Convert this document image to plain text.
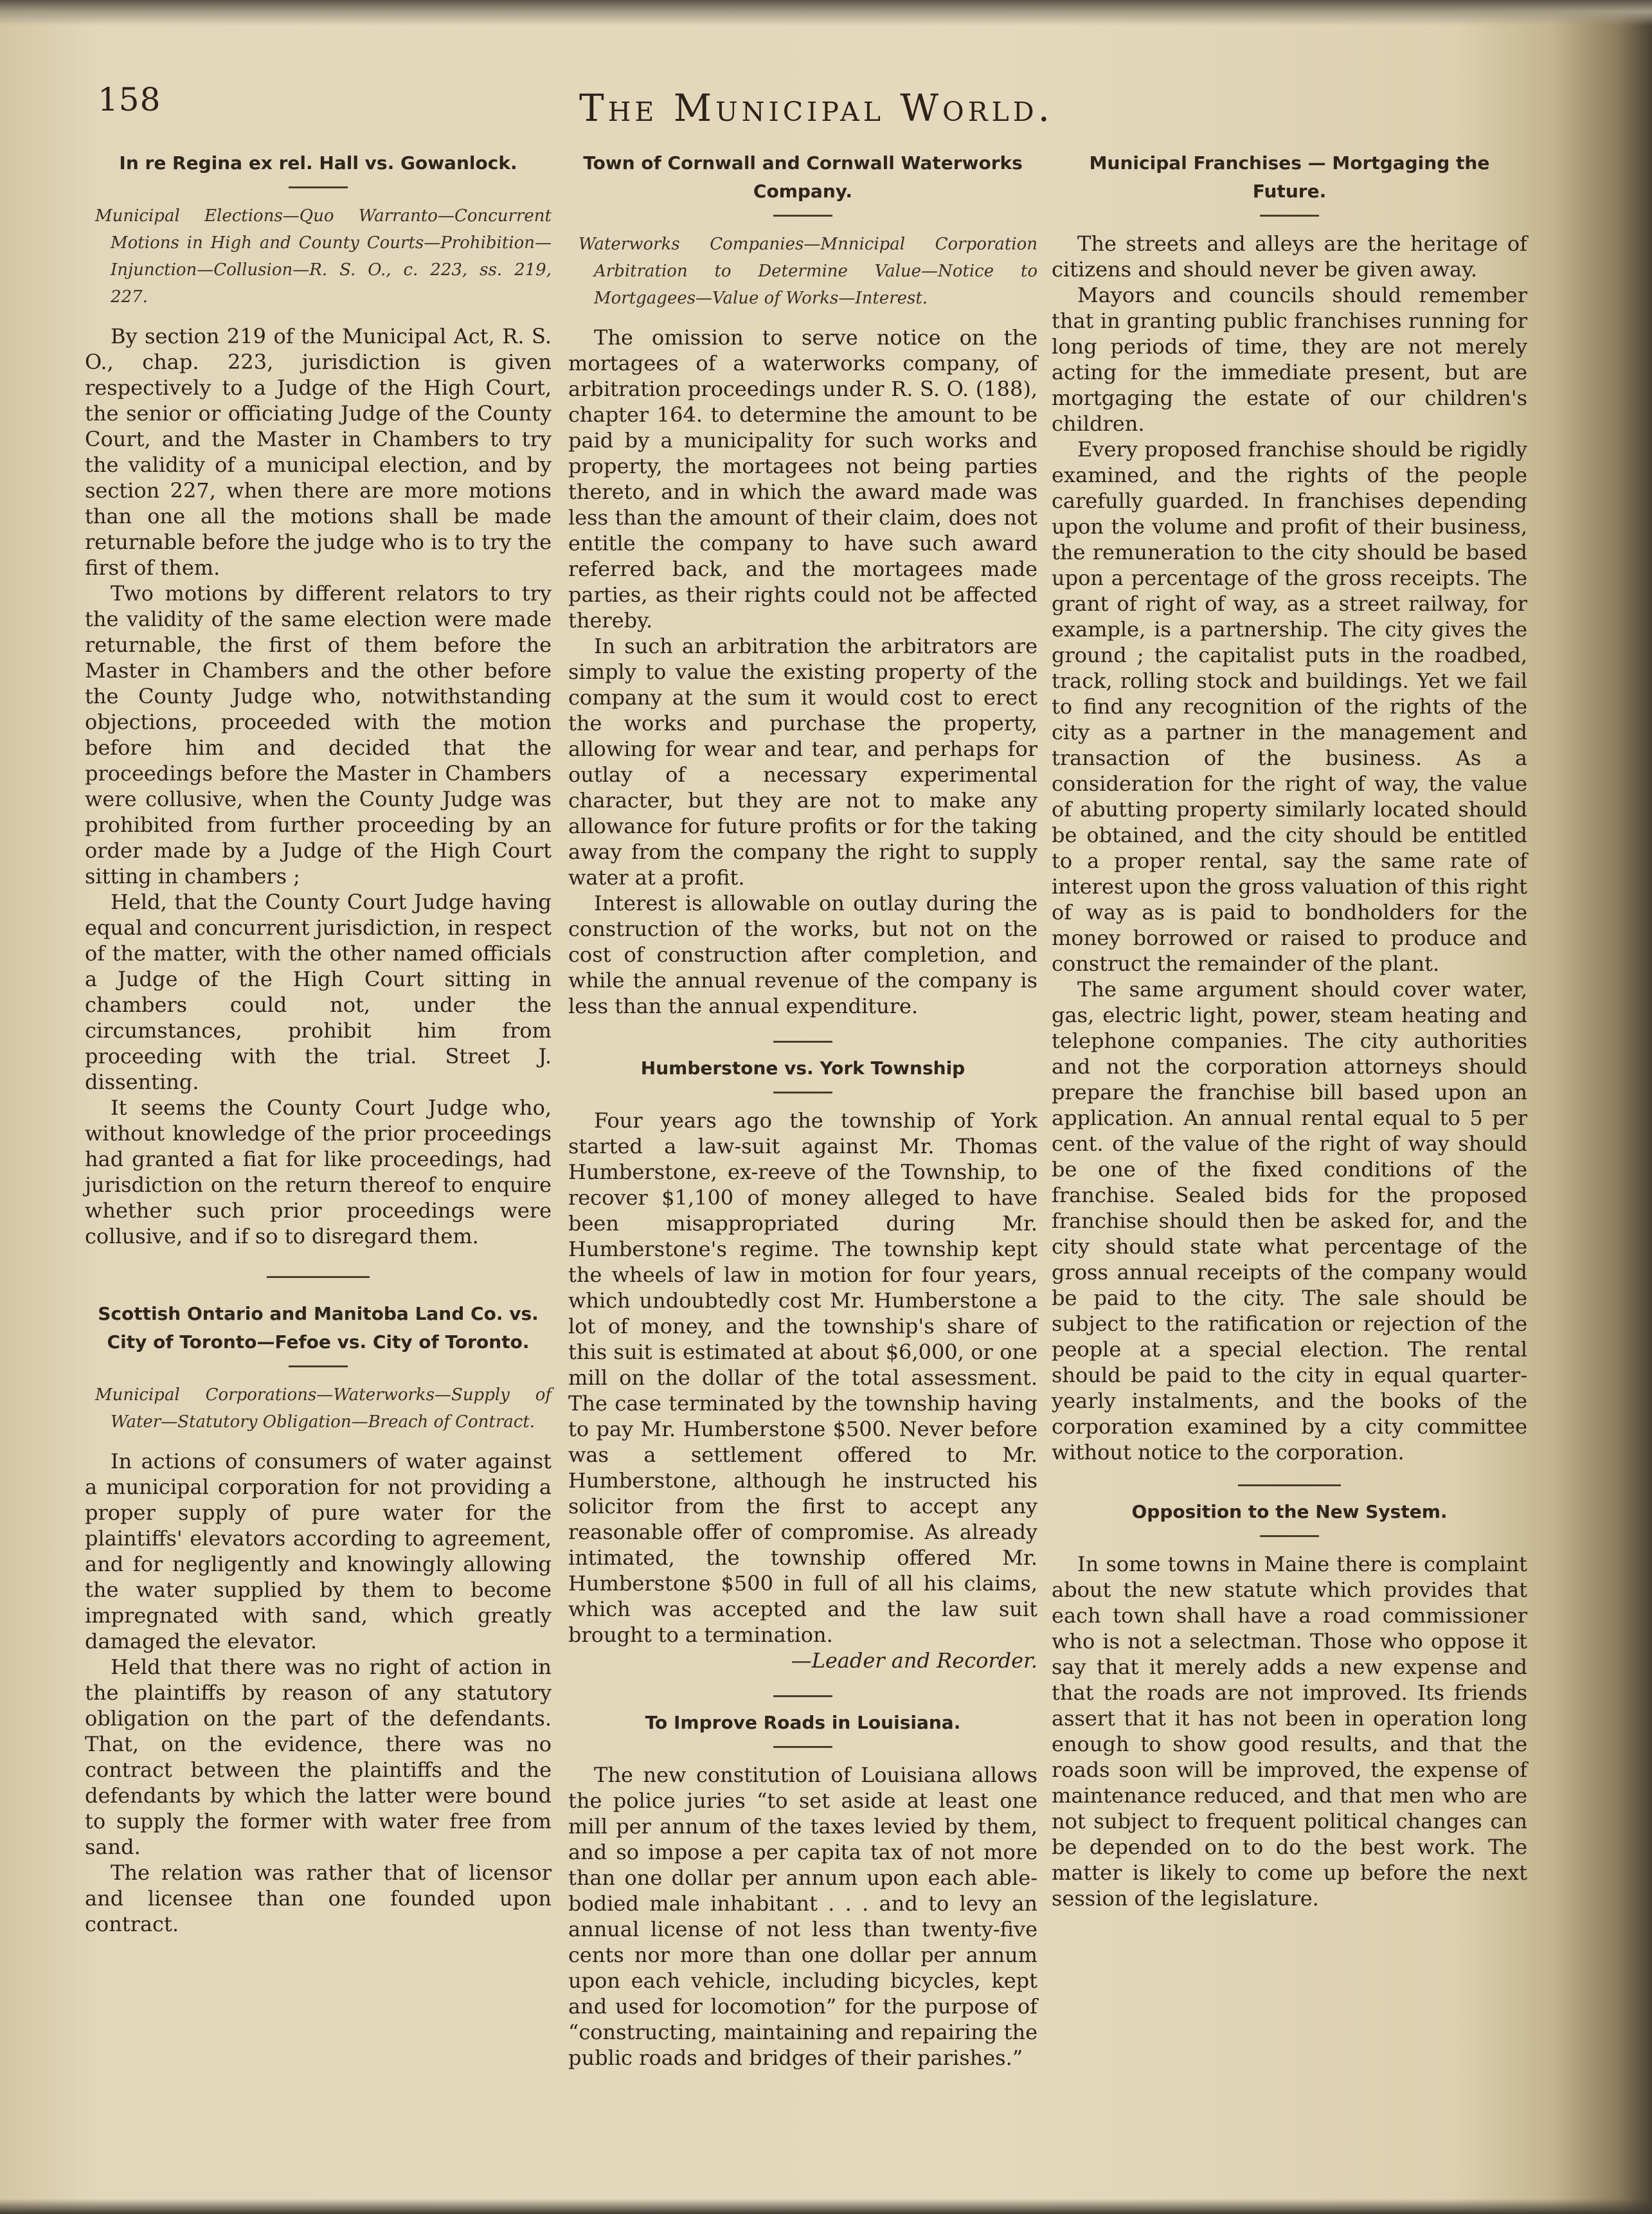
158	The Municipal World.
In re Regina ex rel. Hall vs. Gowanlock.
Municipal Elections—Quo Warranto—Concurrent Motions in High and County Courts—Prohibition—Injunction—Collusion—R. S. O., c. 223, ss. 219, 227.

By section 219 of the Municipal Act, R. S. O., chap. 223, jurisdiction is given respectively to a Judge of the High Court, the senior or officiating Judge of the County Court, and the Master in Chambers to try the validity of a municipal election, and by section 227, when there are more motions than one all the motions shall be made returnable before the judge who is to try the first of them.

Two motions by different relators to try the validity of the same election were made returnable, the first of them before the Master in Chambers and the other before the County Judge who, notwithstanding objections, proceeded with the motion before him and decided that the proceedings before the Master in Chambers were collusive, when the County Judge was prohibited from further proceeding by an order made by a Judge of the High Court sitting in chambers ;

Held, that the County Court Judge having equal and concurrent jurisdiction, in respect of the matter, with the other named officials a Judge of the High Court sitting in chambers could not, under the circumstances, prohibit him from proceeding with the trial. Street J. dissenting.

It seems the County Court Judge who, without knowledge of the prior proceedings had granted a fiat for like proceedings, had jurisdiction on the return thereof to enquire whether such prior proceedings were collusive, and if so to disregard them.

Scottish Ontario and Manitoba Land Co. vs. City of Toronto—Fefoe vs. City of Toronto.
Municipal Corporations—Waterworks—Supply of Water—Statutory Obligation—Breach of Contract.

In actions of consumers of water against a municipal corporation for not providing a proper supply of pure water for the plaintiffs' elevators according to agreement, and for negligently and knowingly allowing the water supplied by them to become impregnated with sand, which greatly damaged the elevator.

Held that there was no right of action in the plaintiffs by reason of any statutory obligation on the part of the defendants. That, on the evidence, there was no contract between the plaintiffs and the defendants by which the latter were bound to supply the former with water free from sand.

The relation was rather that of licensor and licensee than one founded upon contract.

Town of Cornwall and Cornwall Waterworks Company.
Waterworks Companies—Mnnicipal Corporation Arbitration to Determine Value—Notice to Mortgagees—Value of Works—Interest.

The omission to serve notice on the mortagees of a waterworks company, of arbitration proceedings under R. S. O. (188), chapter 164. to determine the amount to be paid by a municipality for such works and property, the mortagees not being parties thereto, and in which the award made was less than the amount of their claim, does not entitle the company to have such award referred back, and the mortagees made parties, as their rights could not be affected thereby.

In such an arbitration the arbitrators are simply to value the existing property of the company at the sum it would cost to erect the works and purchase the property, allowing for wear and tear, and perhaps for outlay of a necessary experimental character, but they are not to make any allowance for future profits or for the taking away from the company the right to supply water at a profit.

Interest is allowable on outlay during the construction of the works, but not on the cost of construction after completion, and while the annual revenue of the company is less than the annual expenditure.

Humberstone vs. York Township

Four years ago the township of York started a law-suit against Mr. Thomas Humberstone, ex-reeve of the Township, to recover $1,100 of money alleged to have been misappropriated during Mr. Humberstone's regime. The township kept the wheels of law in motion for four years, which undoubtedly cost Mr. Humberstone a lot of money, and the township's share of this suit is estimated at about $6,000, or one mill on the dollar of the total assessment. The case terminated by the township having to pay Mr. Humberstone $500. Never before was a settlement offered to Mr. Humberstone, although he instructed his solicitor from the first to accept any reasonable offer of compromise. As already intimated, the township offered Mr. Humberstone $500 in full of all his claims, which was accepted and the law suit brought to a termination.

—Leader and Recorder.

To Improve Roads in Louisiana.

The new constitution of Louisiana allows the police juries “to set aside at least one mill per annum of the taxes levied by them, and so impose a per capita tax of not more than one dollar per annum upon each able-bodied male inhabitant . . . and to levy an annual license of not less than twenty-five cents nor more than one dollar per annum upon each vehicle, including bicycles, kept and used for locomotion” for the purpose of “constructing, maintaining and repairing the public roads and bridges of their parishes.”

Municipal Franchises — Mortgaging the Future.

The streets and alleys are the heritage of citizens and should never be given away.

Mayors and councils should remember that in granting public franchises running for long periods of time, they are not merely acting for the immediate present, but are mortgaging the estate of our children's children.

Every proposed franchise should be rigidly examined, and the rights of the people carefully guarded. In franchises depending upon the volume and profit of their business, the remuneration to the city should be based upon a percentage of the gross receipts. The grant of right of way, as a street railway, for example, is a partnership. The city gives the ground ; the capitalist puts in the roadbed, track, rolling stock and buildings. Yet we fail to find any recognition of the rights of the city as a partner in the management and transaction of the business. As a consideration for the right of way, the value of abutting property similarly located should be obtained, and the city should be entitled to a proper rental, say the same rate of interest upon the gross valuation of this right of way as is paid to bondholders for the money borrowed or raised to produce and construct the remainder of the plant.

The same argument should cover water, gas, electric light, power, steam heating and telephone companies. The city authorities and not the corporation attorneys should prepare the franchise bill based upon an application. An annual rental equal to 5 per cent. of the value of the right of way should be one of the fixed conditions of the franchise. Sealed bids for the proposed franchise should then be asked for, and the city should state what percentage of the gross annual receipts of the company would be paid to the city. The sale should be subject to the ratification or rejection of the people at a special election. The rental should be paid to the city in equal quarter-yearly instalments, and the books of the corporation examined by a city committee without notice to the corporation.

Opposition to the New System.

In some towns in Maine there is complaint about the new statute which provides that each town shall have a road commissioner who is not a selectman. Those who oppose it say that it merely adds a new expense and that the roads are not improved. Its friends assert that it has not been in operation long enough to show good results, and that the roads soon will be improved, the expense of maintenance reduced, and that men who are not subject to frequent political changes can be depended on to do the best work. The matter is likely to come up before the next session of the legislature.
